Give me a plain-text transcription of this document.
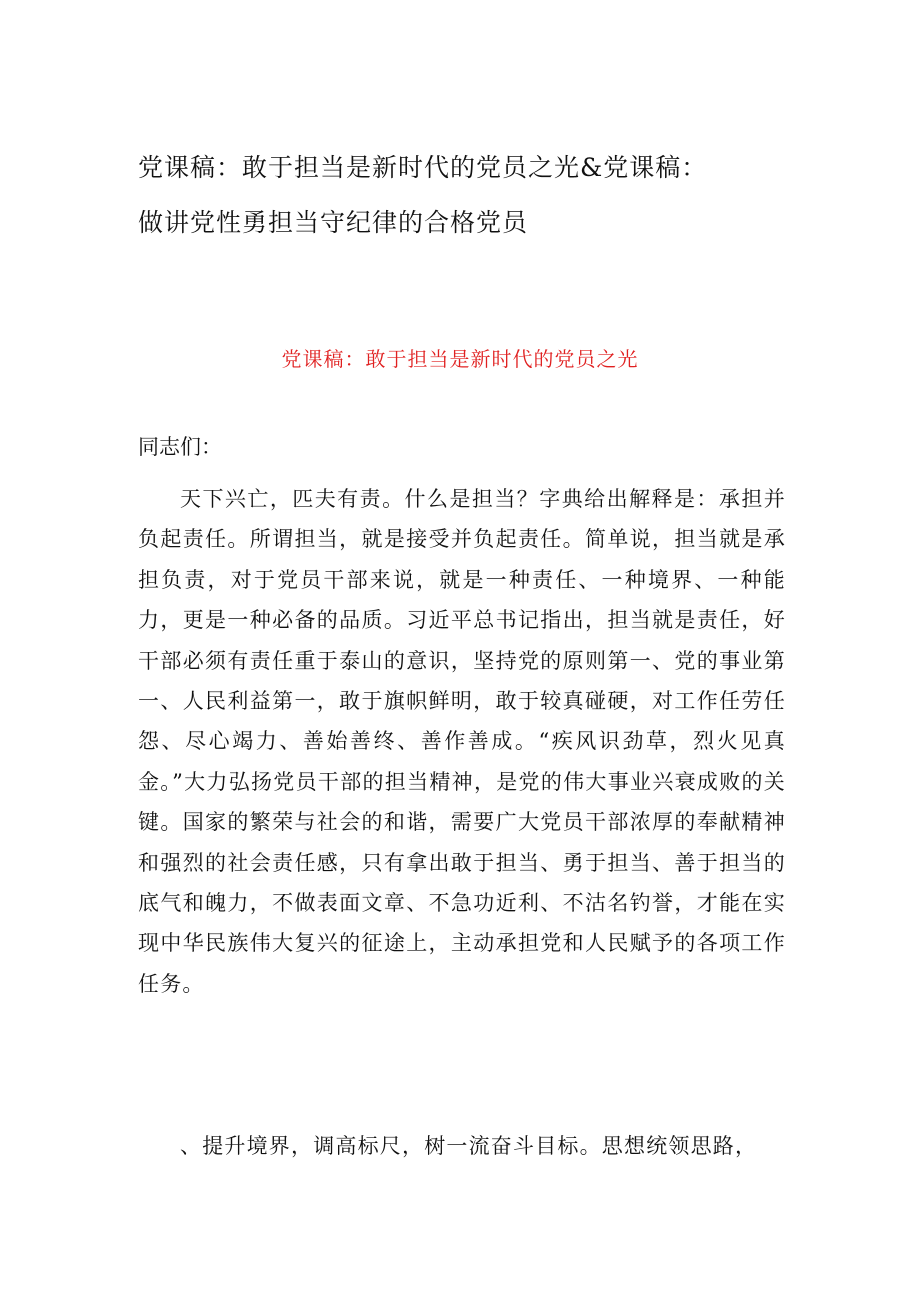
党课稿：敢于担当是新时代的党员之光&党课稿：
做讲党性勇担当守纪律的合格党员
党课稿：敢于担当是新时代的党员之光
同志们：
天下兴亡，匹夫有责。什么是担当？字典给出解释是：承担并负起责任。所谓担当，就是接受并负起责任。简单说，担当就是承担负责，对于党员干部来说，就是一种责任、一种境界、一种能力，更是一种必备的品质。习近平总书记指出，担当就是责任，好干部必须有责任重于泰山的意识，坚持党的原则第一、党的事业第一、人民利益第一，敢于旗帜鲜明，敢于较真碰硬，对工作任劳任怨、尽心竭力、善始善终、善作善成。“疾风识劲草，烈火见真金。”大力弘扬党员干部的担当精神，是党的伟大事业兴衰成败的关键。国家的繁荣与社会的和谐，需要广大党员干部浓厚的奉献精神和强烈的社会责任感，只有拿出敢于担当、勇于担当、善于担当的底气和魄力，不做表面文章、不急功近利、不沽名钓誉，才能在实现中华民族伟大复兴的征途上，主动承担党和人民赋予的各项工作任务。
、提升境界，调高标尺，树一流奋斗目标。思想统领思路，
